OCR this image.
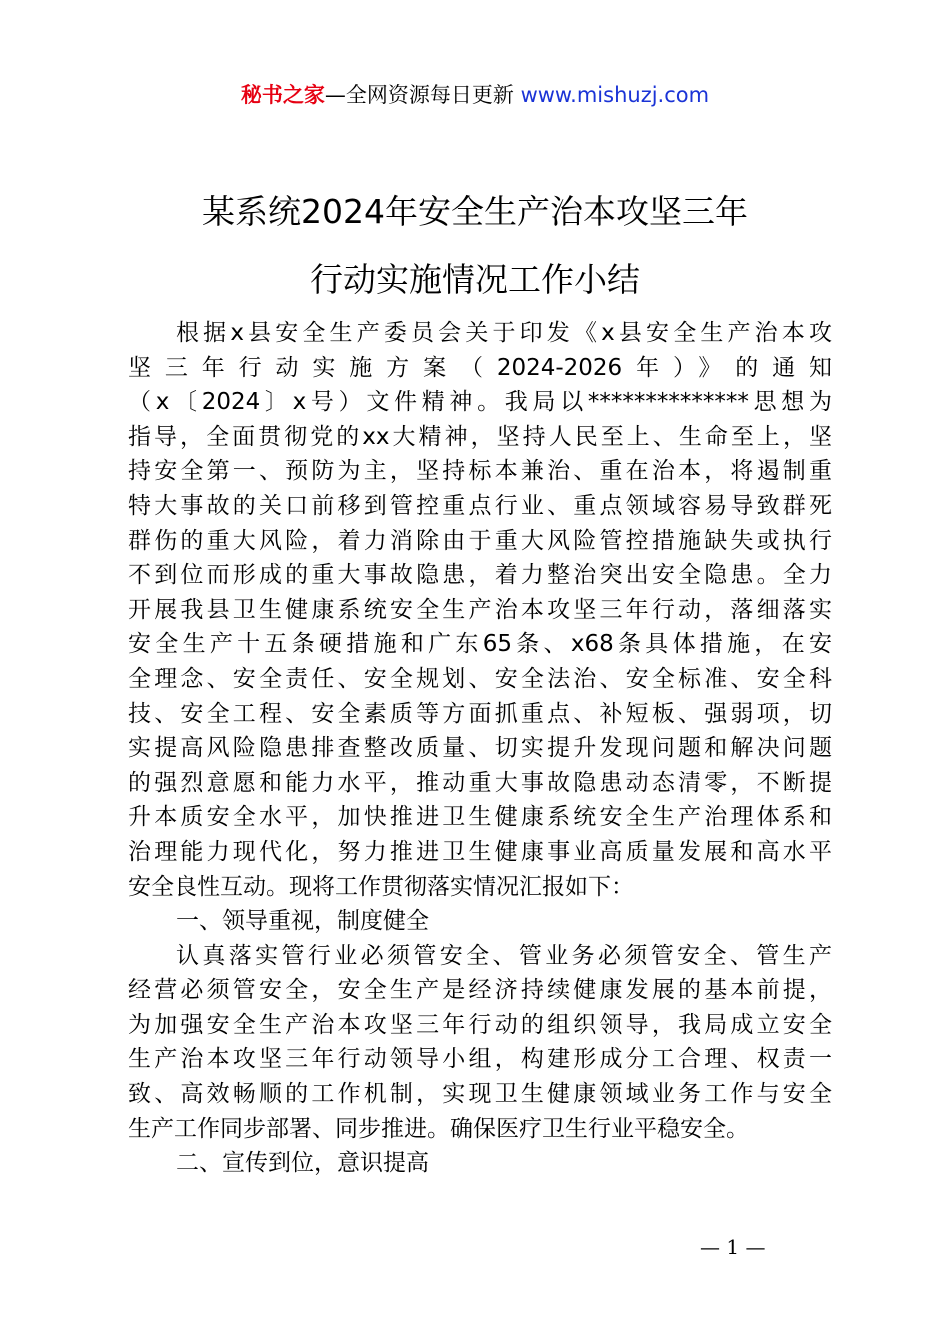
秘书之家—全网资源每日更新 www.mishuzj.com
某系统2024年安全生产治本攻坚三年
行动实施情况工作小结
根据x县安全生产委员会关于印发《x县安全生产治本攻
坚三年行动实施方案（2024-2026年）》的通知
（x〔2024〕x号）文件精神。我局以**************思想为
指导，全面贯彻党的xx大精神，坚持人民至上、生命至上，坚
持安全第一、预防为主，坚持标本兼治、重在治本，将遏制重
特大事故的关口前移到管控重点行业、重点领域容易导致群死
群伤的重大风险，着力消除由于重大风险管控措施缺失或执行
不到位而形成的重大事故隐患，着力整治突出安全隐患。全力
开展我县卫生健康系统安全生产治本攻坚三年行动，落细落实
安全生产十五条硬措施和广东65条、x68条具体措施，在安
全理念、安全责任、安全规划、安全法治、安全标准、安全科
技、安全工程、安全素质等方面抓重点、补短板、强弱项，切
实提高风险隐患排查整改质量、切实提升发现问题和解决问题
的强烈意愿和能力水平，推动重大事故隐患动态清零，不断提
升本质安全水平，加快推进卫生健康系统安全生产治理体系和
治理能力现代化，努力推进卫生健康事业高质量发展和高水平
安全良性互动。现将工作贯彻落实情况汇报如下：
一、领导重视，制度健全
认真落实管行业必须管安全、管业务必须管安全、管生产
经营必须管安全，安全生产是经济持续健康发展的基本前提，
为加强安全生产治本攻坚三年行动的组织领导，我局成立安全
生产治本攻坚三年行动领导小组，构建形成分工合理、权责一
致、高效畅顺的工作机制，实现卫生健康领域业务工作与安全
生产工作同步部署、同步推进。确保医疗卫生行业平稳安全。
二、宣传到位，意识提高
— 1 —
